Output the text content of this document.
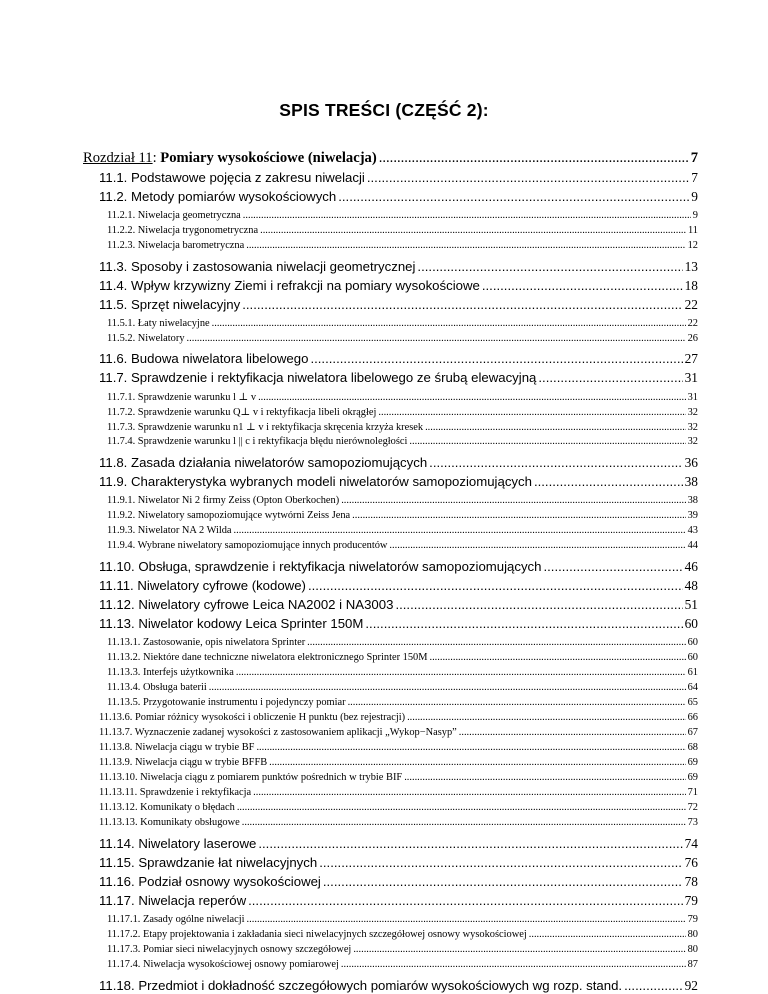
SPIS TREŚCI (CZĘŚĆ 2):
Rozdział 11: Pomiary wysokościowe (niwelacja) .....	7
11.1. Podstawowe pojęcia z zakresu niwelacji .....	7
11.2. Metody pomiarów wysokościowych .....	9
11.2.1. Niwelacja geometryczna .....	9
11.2.2. Niwelacja trygonometryczna .....	11
11.2.3. Niwelacja barometryczna .....	12
11.3. Sposoby i zastosowania niwelacji geometrycznej .....	13
11.4. Wpływ krzywizny Ziemi i refrakcji na pomiary wysokościowe .....	18
11.5. Sprzęt niwelacyjny .....	22
11.5.1. Łaty niwelacyjne .....	22
11.5.2. Niwelatory .....	26
11.6. Budowa niwelatora libelowego .....	27
11.7. Sprawdzenie i rektyfikacja niwelatora libelowego ze śrubą elewacyjną .....	31
11.7.1. Sprawdzenie warunku l ⊥ v .....	31
11.7.2. Sprawdzenie warunku Q⊥ v i rektyfikacja libeli okrągłej .....	32
11.7.3. Sprawdzenie warunku n1 ⊥ v i rektyfikacja skręcenia krzyża kresek .....	32
11.7.4. Sprawdzenie warunku l || c i rektyfikacja błędu nierównoległości .....	32
11.8. Zasada działania niwelatorów samopoziomujących .....	36
11.9. Charakterystyka wybranych modeli niwelatorów samopoziomujących .....	38
11.9.1. Niwelator Ni 2 firmy Zeiss (Opton Oberkochen) .....	38
11.9.2. Niwelatory samopoziomujące wytwórni Zeiss Jena .....	39
11.9.3. Niwelator NA 2 Wilda .....	43
11.9.4. Wybrane niwelatory samopoziomujące innych producentów .....	44
11.10. Obsługa, sprawdzenie i rektyfikacja niwelatorów samopoziomujących .....	46
11.11. Niwelatory cyfrowe (kodowe) .....	48
11.12. Niwelatory cyfrowe Leica NA2002 i NA3003 .....	51
11.13. Niwelator kodowy Leica Sprinter 150M .....	60
11.13.1. Zastosowanie, opis niwelatora Sprinter .....	60
11.13.2. Niektóre dane techniczne niwelatora elektronicznego Sprinter 150M .....	60
11.13.3. Interfejs użytkownika .....	61
11.13.4. Obsługa baterii .....	64
11.13.5. Przygotowanie instrumentu i pojedynczy pomiar .....	65
11.13.6. Pomiar różnicy wysokości i obliczenie H punktu (bez rejestracji) .....	66
11.13.7. Wyznaczenie zadanej wysokości z zastosowaniem aplikacji „Wykop−Nasyp” .....	67
11.13.8. Niwelacja ciągu w trybie BF .....	68
11.13.9. Niwelacja ciągu w trybie BFFB .....	69
11.13.10. Niwelacja ciągu z pomiarem punktów pośrednich w trybie BIF .....	69
11.13.11. Sprawdzenie i rektyfikacja .....	71
11.13.12. Komunikaty o błędach .....	72
11.13.13. Komunikaty obsługowe .....	73
11.14. Niwelatory laserowe .....	74
11.15. Sprawdzanie łat niwelacyjnych .....	76
11.16. Podział osnowy wysokościowej .....	78
11.17. Niwelacja reperów .....	79
11.17.1. Zasady ogólne niwelacji .....	79
11.17.2. Etapy projektowania i zakładania sieci niwelacyjnych szczegółowej osnowy wysokościowej .....	80
11.17.3. Pomiar sieci niwelacyjnych osnowy szczegółowej .....	80
11.17.4. Niwelacja wysokościowej osnowy pomiarowej .....	87
11.18. Przedmiot i dokładność szczegółowych pomiarów wysokościowych wg rozp. stand. .....	92
